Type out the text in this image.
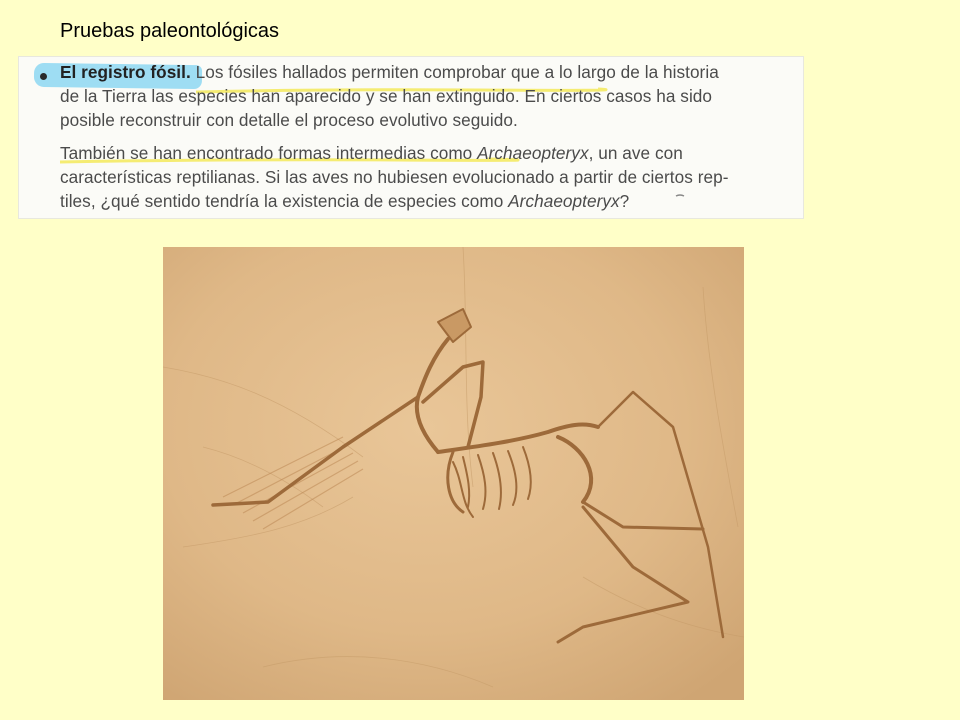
Pruebas paleontológicas
El registro fósil. Los fósiles hallados permiten comprobar que a lo largo de la historia
de la Tierra las especies han aparecido y se han extinguido. En ciertos casos ha sido
posible reconstruir con detalle el proceso evolutivo seguido.
También se han encontrado formas intermedias como Archaeopteryx, un ave con
características reptilianas. Si las aves no hubiesen evolucionado a partir de ciertos rep-
tiles, ¿qué sentido tendría la existencia de especies como Archaeopteryx?
